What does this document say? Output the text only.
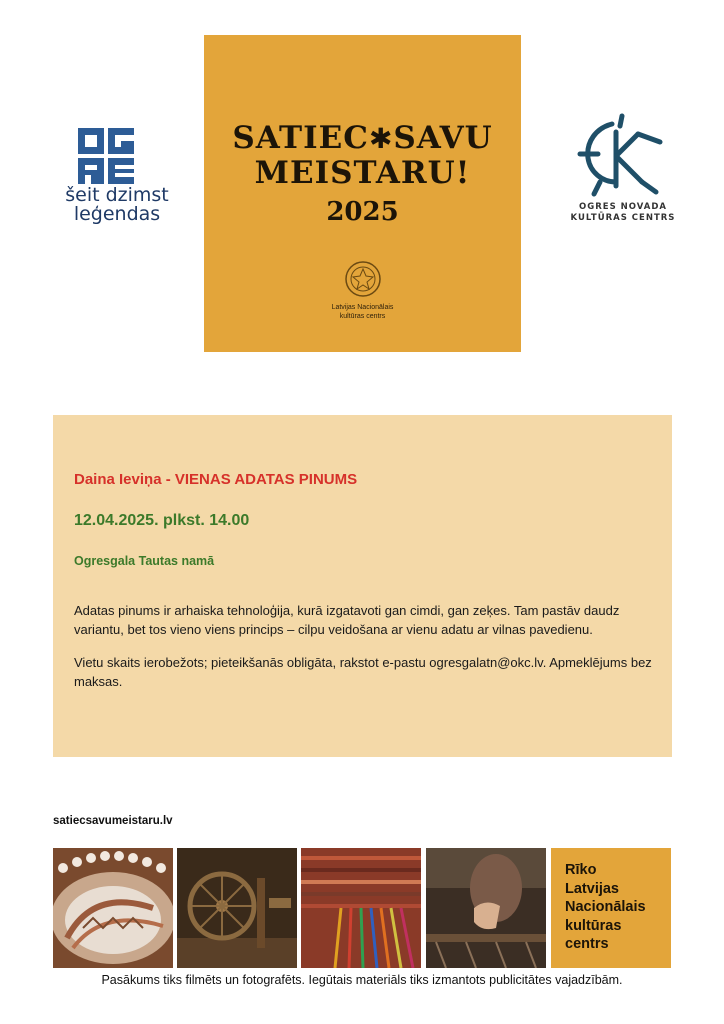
šeit dzimst
leģendas
SATIEC✱SAVU
MEISTARU!
2025
Latvijas Nacionālais
kultūras centrs
OGRES NOVADA
KULTŪRAS CENTRS
Daina Ieviņa - VIENAS ADATAS PINUMS
12.04.2025. plkst. 14.00
Ogresgala Tautas namā

Adatas pinums ir arhaiska tehnoloģija, kurā izgatavoti gan cimdi, gan zeķes. Tam pastāv daudz variantu, bet tos vieno viens princips – cilpu veidošana ar vienu adatu ar vilnas pavedienu.

Vietu skaits ierobežots; pieteikšanās obligāta, rakstot e-pastu ogresgalatn@okc.lv. Apmeklējums bez maksas.

satiecsavumeistaru.lv
Rīko
Latvijas
Nacionālais
kultūras
centrs
Pasākums tiks filmēts un fotografēts. Iegūtais materiāls tiks izmantots publicitātes vajadzībām.
